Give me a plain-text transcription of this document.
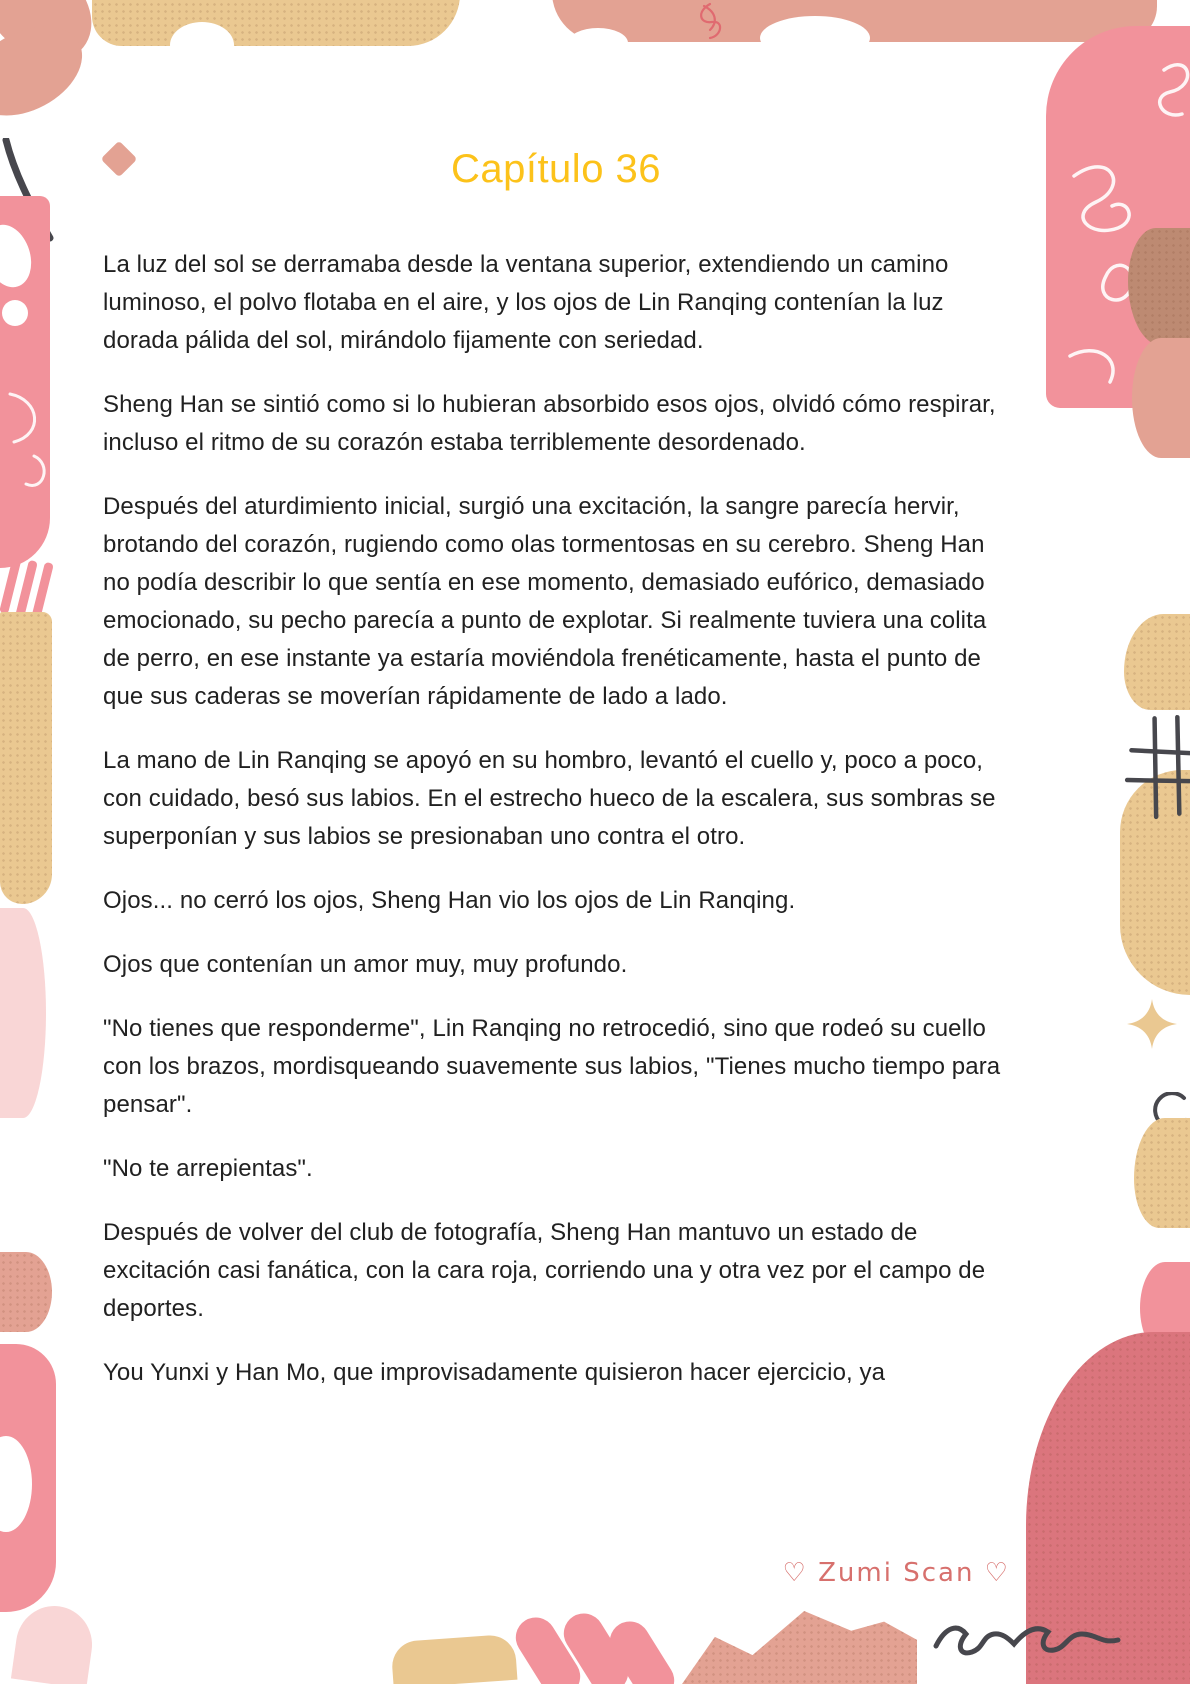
Capítulo 36

La luz del sol se derramaba desde la ventana superior, extendiendo un camino luminoso, el polvo flotaba en el aire, y los ojos de Lin Ranqing contenían la luz dorada pálida del sol, mirándolo fijamente con seriedad.

Sheng Han se sintió como si lo hubieran absorbido esos ojos, olvidó cómo respirar, incluso el ritmo de su corazón estaba terriblemente desordenado.

Después del aturdimiento inicial, surgió una excitación, la sangre parecía hervir, brotando del corazón, rugiendo como olas tormentosas en su cerebro. Sheng Han no podía describir lo que sentía en ese momento, demasiado eufórico, demasiado emocionado, su pecho parecía a punto de explotar. Si realmente tuviera una colita de perro, en ese instante ya estaría moviéndola frenéticamente, hasta el punto de que sus caderas se moverían rápidamente de lado a lado.

La mano de Lin Ranqing se apoyó en su hombro, levantó el cuello y, poco a poco, con cuidado, besó sus labios. En el estrecho hueco de la escalera, sus sombras se superponían y sus labios se presionaban uno contra el otro.

Ojos... no cerró los ojos, Sheng Han vio los ojos de Lin Ranqing.

Ojos que contenían un amor muy, muy profundo.

"No tienes que responderme", Lin Ranqing no retrocedió, sino que rodeó su cuello con los brazos, mordisqueando suavemente sus labios, "Tienes mucho tiempo para pensar".

"No te arrepientas".

Después de volver del club de fotografía, Sheng Han mantuvo un estado de excitación casi fanática, con la cara roja, corriendo una y otra vez por el campo de deportes.

You Yunxi y Han Mo, que improvisadamente quisieron hacer ejercicio, ya

♡ Zumi Scan ♡
